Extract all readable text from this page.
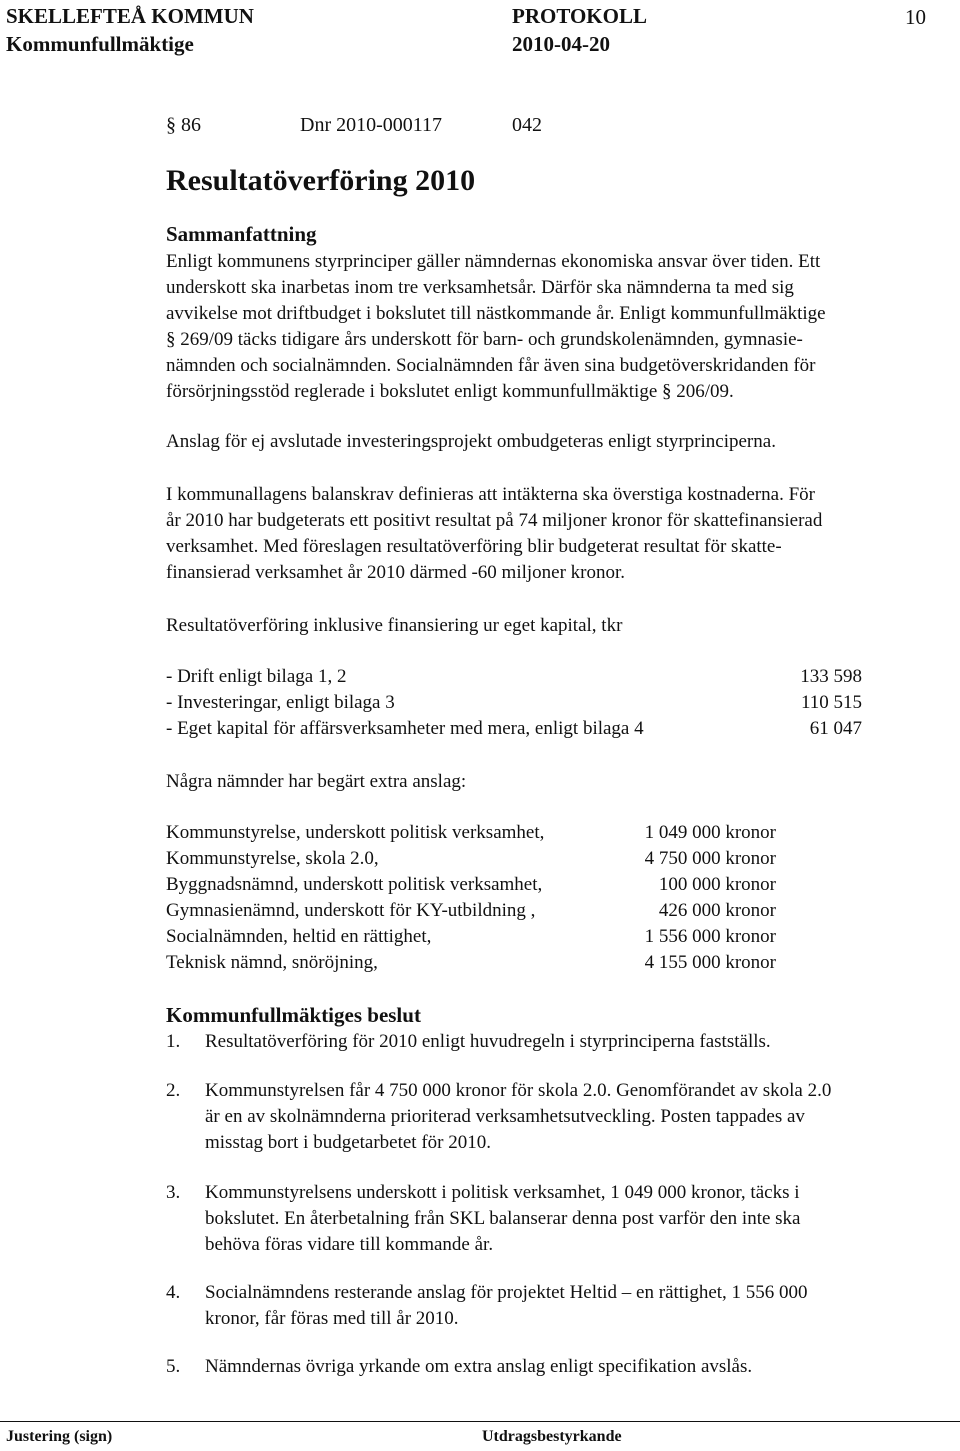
SKELLEFTEÅ KOMMUN	PROTOKOLL	10
Kommunfullmäktige	2010-04-20
§ 86	Dnr 2010-000117	042
Resultatöverföring 2010
Sammanfattning
Enligt kommunens styrprinciper gäller nämndernas ekonomiska ansvar över tiden. Ett
underskott ska inarbetas inom tre verksamhetsår. Därför ska nämnderna ta med sig
avvikelse mot driftbudget i bokslutet till nästkommande år. Enligt kommunfullmäktige
§ 269/09 täcks tidigare års underskott för barn- och grundskolenämnden, gymnasie-
nämnden och socialnämnden. Socialnämnden får även sina budgetöverskridanden för
försörjningsstöd reglerade i bokslutet enligt kommunfullmäktige § 206/09.
Anslag för ej avslutade investeringsprojekt ombudgeteras enligt styrprinciperna.
I kommunallagens balanskrav definieras att intäkterna ska överstiga kostnaderna. För
år 2010 har budgeterats ett positivt resultat på 74 miljoner kronor för skattefinansierad
verksamhet. Med föreslagen resultatöverföring blir budgeterat resultat för skatte-
finansierad verksamhet år 2010 därmed -60 miljoner kronor.
Resultatöverföring inklusive finansiering ur eget kapital, tkr
- Drift enligt bilaga 1, 2	133 598
- Investeringar, enligt bilaga 3	110 515
- Eget kapital för affärsverksamheter med mera, enligt bilaga 4	61 047
Några nämnder har begärt extra anslag:
Kommunstyrelse, underskott politisk verksamhet,	1 049 000 kronor
Kommunstyrelse, skola 2.0,	4 750 000 kronor
Byggnadsnämnd, underskott politisk verksamhet,	100 000 kronor
Gymnasienämnd, underskott för KY-utbildning ,	426 000 kronor
Socialnämnden, heltid en rättighet,	1 556 000 kronor
Teknisk nämnd, snöröjning,	4 155 000 kronor
Kommunfullmäktiges beslut
1. Resultatöverföring för 2010 enligt huvudregeln i styrprinciperna fastställs.
2. Kommunstyrelsen får 4 750 000 kronor för skola 2.0. Genomförandet av skola 2.0
är en av skolnämnderna prioriterad verksamhetsutveckling. Posten tappades av
misstag bort i budgetarbetet för 2010.
3. Kommunstyrelsens underskott i politisk verksamhet, 1 049 000 kronor, täcks i
bokslutet. En återbetalning från SKL balanserar denna post varför den inte ska
behöva föras vidare till kommande år.
4. Socialnämndens resterande anslag för projektet Heltid – en rättighet, 1 556 000
kronor, får föras med till år 2010.
5. Nämndernas övriga yrkande om extra anslag enligt specifikation avslås.
Justering (sign)	Utdragsbestyrkande
